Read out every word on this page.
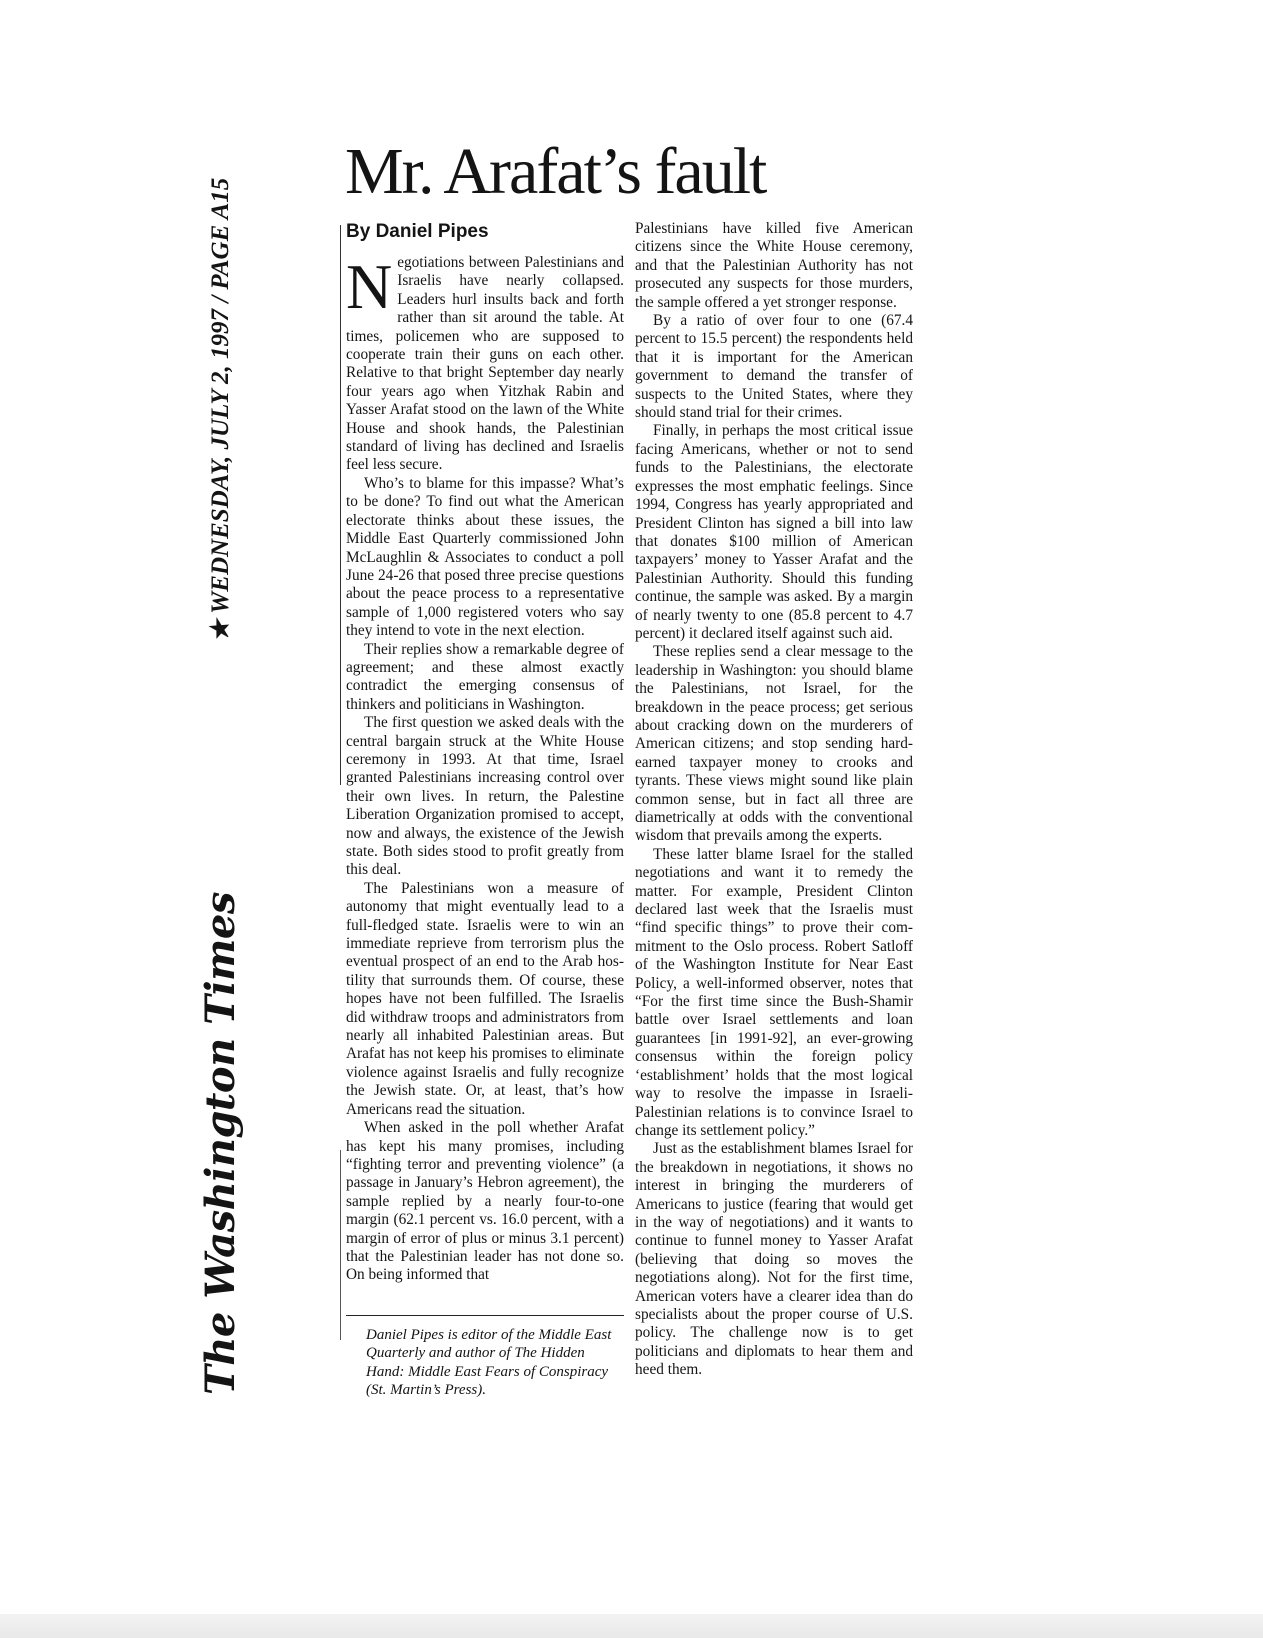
The Washington Times
★ WEDNESDAY, JULY 2, 1997 / PAGE A15
Mr. Arafat’s fault
By Daniel Pipes

Negotiations between Palestinians and Israelis have nearly collapsed. Leaders hurl insults back and forth rather than sit around the table. At times, policemen who are supposed to cooperate train their guns on each other. Relative to that bright September day nearly four years ago when Yitzhak Rabin and Yasser Arafat stood on the lawn of the White House and shook hands, the Palestinian standard of living has declined and Israelis feel less secure.

Who’s to blame for this impasse? What’s to be done? To find out what the American electorate thinks about these issues, the Middle East Quarterly commissioned John McLaughlin & Associates to conduct a poll June 24-26 that posed three precise questions about the peace process to a representative sample of 1,000 registered voters who say they intend to vote in the next election.

Their replies show a remarkable degree of agreement; and these almost exactly contradict the emerging consensus of thinkers and politicians in Washington.

The first question we asked deals with the central bargain struck at the White House ceremony in 1993. At that time, Israel granted Palestinians increasing control over their own lives. In return, the Palestine Liberation Organization promised to accept, now and always, the existence of the Jewish state. Both sides stood to profit greatly from this deal.

The Palestinians won a measure of autonomy that might eventually lead to a full-fledged state. Israelis were to win an immediate reprieve from terrorism plus the eventual prospect of an end to the Arab hostility that surrounds them. Of course, these hopes have not been fulfilled. The Israelis did withdraw troops and administrators from nearly all inhabited Palestinian areas. But Arafat has not keep his promises to eliminate violence against Israelis and fully recognize the Jewish state. Or, at least, that’s how Americans read the situation.

When asked in the poll whether Arafat has kept his many promises, including “fighting terror and preventing violence” (a passage in January’s Hebron agreement), the sample replied by a nearly four-to-one margin (62.1 percent vs. 16.0 percent, with a margin of error of plus or minus 3.1 percent) that the Palestinian leader has not done so. On being informed that

Daniel Pipes is editor of the Middle East Quarterly and author of The Hidden Hand: Middle East Fears of Conspiracy (St. Martin’s Press).

Palestinians have killed five American citizens since the White House ceremony, and that the Palestinian Authority has not prosecuted any suspects for those murders, the sample offered a yet stronger response.

By a ratio of over four to one (67.4 percent to 15.5 percent) the respondents held that it is important for the American government to demand the transfer of suspects to the United States, where they should stand trial for their crimes.

Finally, in perhaps the most critical issue facing Americans, whether or not to send funds to the Palestinians, the electorate expresses the most emphatic feelings. Since 1994, Congress has yearly appropriated and President Clinton has signed a bill into law that donates $100 million of American taxpayers’ money to Yasser Arafat and the Palestinian Authority. Should this funding continue, the sample was asked. By a margin of nearly twenty to one (85.8 percent to 4.7 percent) it declared itself against such aid.

These replies send a clear message to the leadership in Washington: you should blame the Palestinians, not Israel, for the breakdown in the peace process; get serious about cracking down on the murderers of American citizens; and stop sending hard-earned taxpayer money to crooks and tyrants. These views might sound like plain common sense, but in fact all three are diametrically at odds with the conventional wisdom that prevails among the experts.

These latter blame Israel for the stalled negotiations and want it to remedy the matter. For example, President Clinton declared last week that the Israelis must “find specific things” to prove their commitment to the Oslo process. Robert Satloff of the Washington Institute for Near East Policy, a well-informed observer, notes that “For the first time since the Bush-Shamir battle over Israel settlements and loan guarantees [in 1991-92], an ever-growing consensus within the foreign policy ‘establishment’ holds that the most logical way to resolve the impasse in Israeli-Palestinian relations is to convince Israel to change its settlement policy.”

Just as the establishment blames Israel for the breakdown in negotiations, it shows no interest in bringing the murderers of Americans to justice (fearing that would get in the way of negotiations) and it wants to continue to funnel money to Yasser Arafat (believing that doing so moves the negotiations along). Not for the first time, American voters have a clearer idea than do specialists about the proper course of U.S. policy. The challenge now is to get politicians and diplomats to hear them and heed them.
